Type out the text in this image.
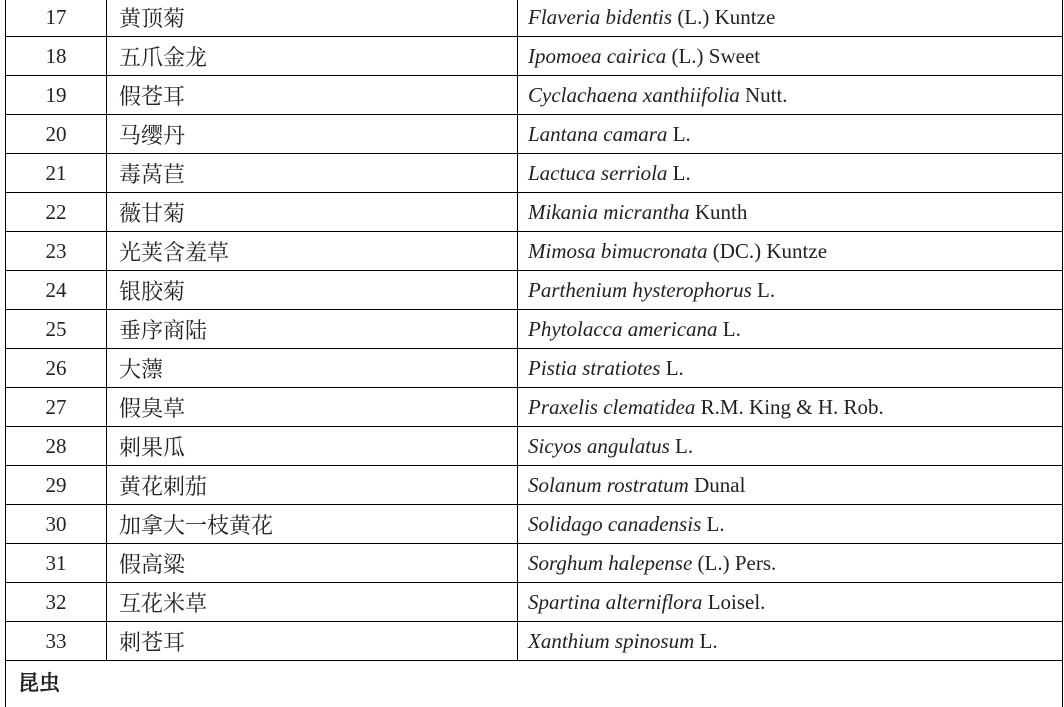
17	黄顶菊	Flaveria bidentis (L.) Kuntze
18	五爪金龙	Ipomoea cairica (L.) Sweet
19	假苍耳	Cyclachaena xanthiifolia Nutt.
20	马缨丹	Lantana camara L.
21	毒莴苣	Lactuca serriola L.
22	薇甘菊	Mikania micrantha Kunth
23	光荚含羞草	Mimosa bimucronata (DC.) Kuntze
24	银胶菊	Parthenium hysterophorus L.
25	垂序商陆	Phytolacca americana L.
26	大薸	Pistia stratiotes L.
27	假臭草	Praxelis clematidea R.M. King & H. Rob.
28	刺果瓜	Sicyos angulatus L.
29	黄花刺茄	Solanum rostratum Dunal
30	加拿大一枝黄花	Solidago canadensis L.
31	假高粱	Sorghum halepense (L.) Pers.
32	互花米草	Spartina alterniflora Loisel.
33	刺苍耳	Xanthium spinosum L.
昆虫		
